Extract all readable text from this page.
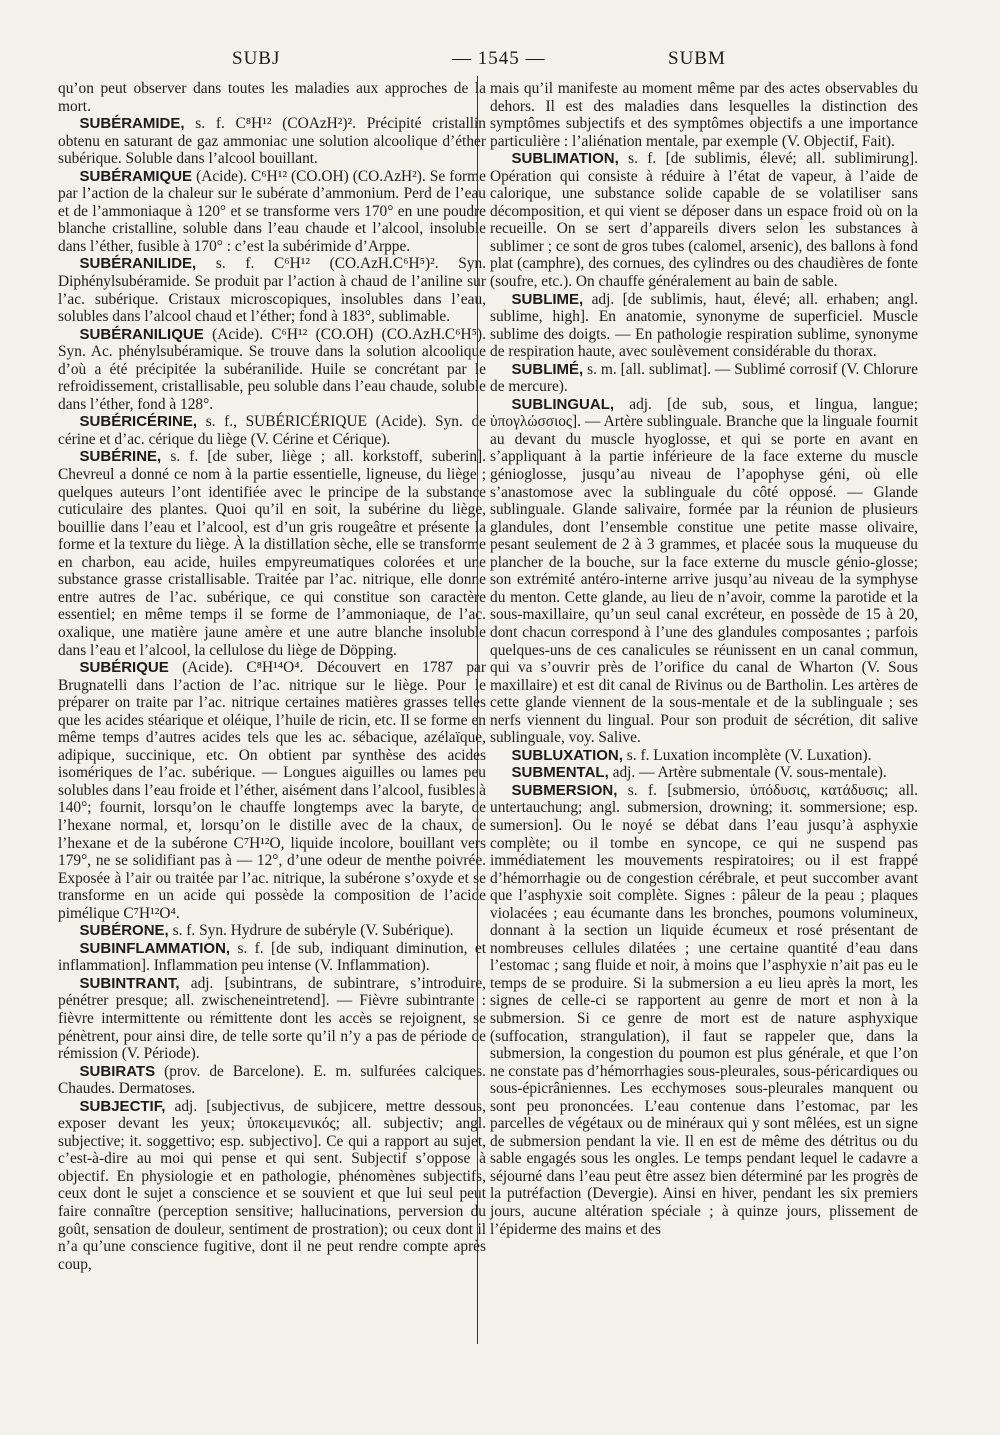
SUBJ	— 1545 —	SUBM

qu’on peut observer dans toutes les maladies aux approches de la mort.

SUBÉRAMIDE, s. f. C⁸H¹² (COAzH²)². Précipité cristallin obtenu en saturant de gaz ammoniac une solution alcoolique d’éther subérique. Soluble dans l’alcool bouillant.

SUBÉRAMIQUE (Acide). C⁶H¹² (CO.OH) (CO.AzH²). Se forme par l’action de la chaleur sur le subérate d’ammonium. Perd de l’eau et de l’ammoniaque à 120° et se transforme vers 170° en une poudre blanche cristalline, soluble dans l’eau chaude et l’alcool, insoluble dans l’éther, fusible à 170° : c’est la subérimide d’Arppe.

SUBÉRANILIDE, s. f. C⁶H¹² (CO.AzH.C⁶H⁵)². Syn. Diphénylsubéramide. Se produit par l’action à chaud de l’aniline sur l’ac. subérique. Cristaux microscopiques, insolubles dans l’eau, solubles dans l’alcool chaud et l’éther; fond à 183°, sublimable.

SUBÉRANILIQUE (Acide). C⁶H¹² (CO.OH) (CO.AzH.C⁶H⁵). Syn. Ac. phénylsubéramique. Se trouve dans la solution alcoolique d’où a été précipitée la subéranilide. Huile se concrétant par le refroidissement, cristallisable, peu soluble dans l’eau chaude, soluble dans l’éther, fond à 128°.

SUBÉRICÉRINE, s. f., SUBÉRICÉRIQUE (Acide). Syn. de cérine et d’ac. cérique du liège (V. Cérine et Cérique).

SUBÉRINE, s. f. [de suber, liège ; all. korkstoff, suberin]. Chevreul a donné ce nom à la partie essentielle, ligneuse, du liège ; quelques auteurs l’ont identifiée avec le principe de la substance cuticulaire des plantes. Quoi qu’il en soit, la subérine du liège, bouillie dans l’eau et l’alcool, est d’un gris rougeâtre et présente la forme et la texture du liège. À la distillation sèche, elle se transforme en charbon, eau acide, huiles empyreumatiques colorées et une substance grasse cristallisable. Traitée par l’ac. nitrique, elle donne entre autres de l’ac. subérique, ce qui constitue son caractère essentiel; en même temps il se forme de l’ammoniaque, de l’ac. oxalique, une matière jaune amère et une autre blanche insoluble dans l’eau et l’alcool, la cellulose du liège de Döpping.

SUBÉRIQUE (Acide). C⁸H¹⁴O⁴. Découvert en 1787 par Brugnatelli dans l’action de l’ac. nitrique sur le liège. Pour le préparer on traite par l’ac. nitrique certaines matières grasses telles que les acides stéarique et oléique, l’huile de ricin, etc. Il se forme en même temps d’autres acides tels que les ac. sébacique, azélaïque, adipique, succinique, etc. On obtient par synthèse des acides isomériques de l’ac. subérique. — Longues aiguilles ou lames peu solubles dans l’eau froide et l’éther, aisément dans l’alcool, fusibles à 140°; fournit, lorsqu’on le chauffe longtemps avec la baryte, de l’hexane normal, et, lorsqu’on le distille avec de la chaux, de l’hexane et de la subérone C⁷H¹²O, liquide incolore, bouillant vers 179°, ne se solidifiant pas à — 12°, d’une odeur de menthe poivrée. Exposée à l’air ou traitée par l’ac. nitrique, la subérone s’oxyde et se transforme en un acide qui possède la composition de l’acide pimélique C⁷H¹²O⁴.

SUBÉRONE, s. f. Syn. Hydrure de subéryle (V. Subérique).

SUBINFLAMMATION, s. f. [de sub, indiquant diminution, et inflammation]. Inflammation peu intense (V. Inflammation).

SUBINTRANT, adj. [subintrans, de subintrare, s’introduire, pénétrer presque; all. zwischeneintretend]. — Fièvre subintrante : fièvre intermittente ou rémittente dont les accès se rejoignent, se pénètrent, pour ainsi dire, de telle sorte qu’il n’y a pas de période de rémission (V. Période).

SUBIRATS (prov. de Barcelone). E. m. sulfurées calciques. Chaudes. Dermatoses.

SUBJECTIF, adj. [subjectivus, de subjicere, mettre dessous, exposer devant les yeux; ὑποκειμενικός; all. subjectiv; angl. subjective; it. soggettivo; esp. subjectivo]. Ce qui a rapport au sujet, c’est-à-dire au moi qui pense et qui sent. Subjectif s’oppose à objectif. En physiologie et en pathologie, phénomènes subjectifs, ceux dont le sujet a conscience et se souvient et que lui seul peut faire connaître (perception sensitive; hallucinations, perversion du goût, sensation de douleur, sentiment de prostration); ou ceux dont il n’a qu’une conscience fugitive, dont il ne peut rendre compte après coup,

mais qu’il manifeste au moment même par des actes observables du dehors. Il est des maladies dans lesquelles la distinction des symptômes subjectifs et des symptômes objectifs a une importance particulière : l’aliénation mentale, par exemple (V. Objectif, Fait).

SUBLIMATION, s. f. [de sublimis, élevé; all. sublimirung]. Opération qui consiste à réduire à l’état de vapeur, à l’aide de calorique, une substance solide capable de se volatiliser sans décomposition, et qui vient se déposer dans un espace froid où on la recueille. On se sert d’appareils divers selon les substances à sublimer ; ce sont de gros tubes (calomel, arsenic), des ballons à fond plat (camphre), des cornues, des cylindres ou des chaudières de fonte (soufre, etc.). On chauffe généralement au bain de sable.

SUBLIME, adj. [de sublimis, haut, élevé; all. erhaben; angl. sublime, high]. En anatomie, synonyme de superficiel. Muscle sublime des doigts. — En pathologie respiration sublime, synonyme de respiration haute, avec soulèvement considérable du thorax.

SUBLIMÉ, s. m. [all. sublimat]. — Sublimé corrosif (V. Chlorure de mercure).

SUBLINGUAL, adj. [de sub, sous, et lingua, langue; ὑπογλώσσιος]. — Artère sublinguale. Branche que la linguale fournit au devant du muscle hyoglosse, et qui se porte en avant en s’appliquant à la partie inférieure de la face externe du muscle génioglosse, jusqu’au niveau de l’apophyse géni, où elle s’anastomose avec la sublinguale du côté opposé. — Glande sublinguale. Glande salivaire, formée par la réunion de plusieurs glandules, dont l’ensemble constitue une petite masse olivaire, pesant seulement de 2 à 3 grammes, et placée sous la muqueuse du plancher de la bouche, sur la face externe du muscle génio-glosse; son extrémité antéro-interne arrive jusqu’au niveau de la symphyse du menton. Cette glande, au lieu de n’avoir, comme la parotide et la sous-maxillaire, qu’un seul canal excréteur, en possède de 15 à 20, dont chacun correspond à l’une des glandules composantes ; parfois quelques-uns de ces canalicules se réunissent en un canal commun, qui va s’ouvrir près de l’orifice du canal de Wharton (V. Sous maxillaire) et est dit canal de Rivinus ou de Bartholin. Les artères de cette glande viennent de la sous-mentale et de la sublinguale ; ses nerfs viennent du lingual. Pour son produit de sécrétion, dit salive sublinguale, voy. Salive.

SUBLUXATION, s. f. Luxation incomplète (V. Luxation).

SUBMENTAL, adj. — Artère submentale (V. sous-mentale).

SUBMERSION, s. f. [submersio, ὑπόδυσις, κατάδυσις; all. untertauchung; angl. submersion, drowning; it. sommersione; esp. sumersion]. Ou le noyé se débat dans l’eau jusqu’à asphyxie complète; ou il tombe en syncope, ce qui ne suspend pas immédiatement les mouvements respiratoires; ou il est frappé d’hémorrhagie ou de congestion cérébrale, et peut succomber avant que l’asphyxie soit complète. Signes : pâleur de la peau ; plaques violacées ; eau écumante dans les bronches, poumons volumineux, donnant à la section un liquide écumeux et rosé présentant de nombreuses cellules dilatées ; une certaine quantité d’eau dans l’estomac ; sang fluide et noir, à moins que l’asphyxie n’ait pas eu le temps de se produire. Si la submersion a eu lieu après la mort, les signes de celle-ci se rapportent au genre de mort et non à la submersion. Si ce genre de mort est de nature asphyxique (suffocation, strangulation), il faut se rappeler que, dans la submersion, la congestion du poumon est plus générale, et que l’on ne constate pas d’hémorrhagies sous-pleurales, sous-péricardiques ou sous-épicrâniennes. Les ecchymoses sous-pleurales manquent ou sont peu prononcées. L’eau contenue dans l’estomac, par les parcelles de végétaux ou de minéraux qui y sont mêlées, est un signe de submersion pendant la vie. Il en est de même des détritus ou du sable engagés sous les ongles. Le temps pendant lequel le cadavre a séjourné dans l’eau peut être assez bien déterminé par les progrès de la putréfaction (Devergie). Ainsi en hiver, pendant les six premiers jours, aucune altération spéciale ; à quinze jours, plissement de l’épiderme des mains et des
